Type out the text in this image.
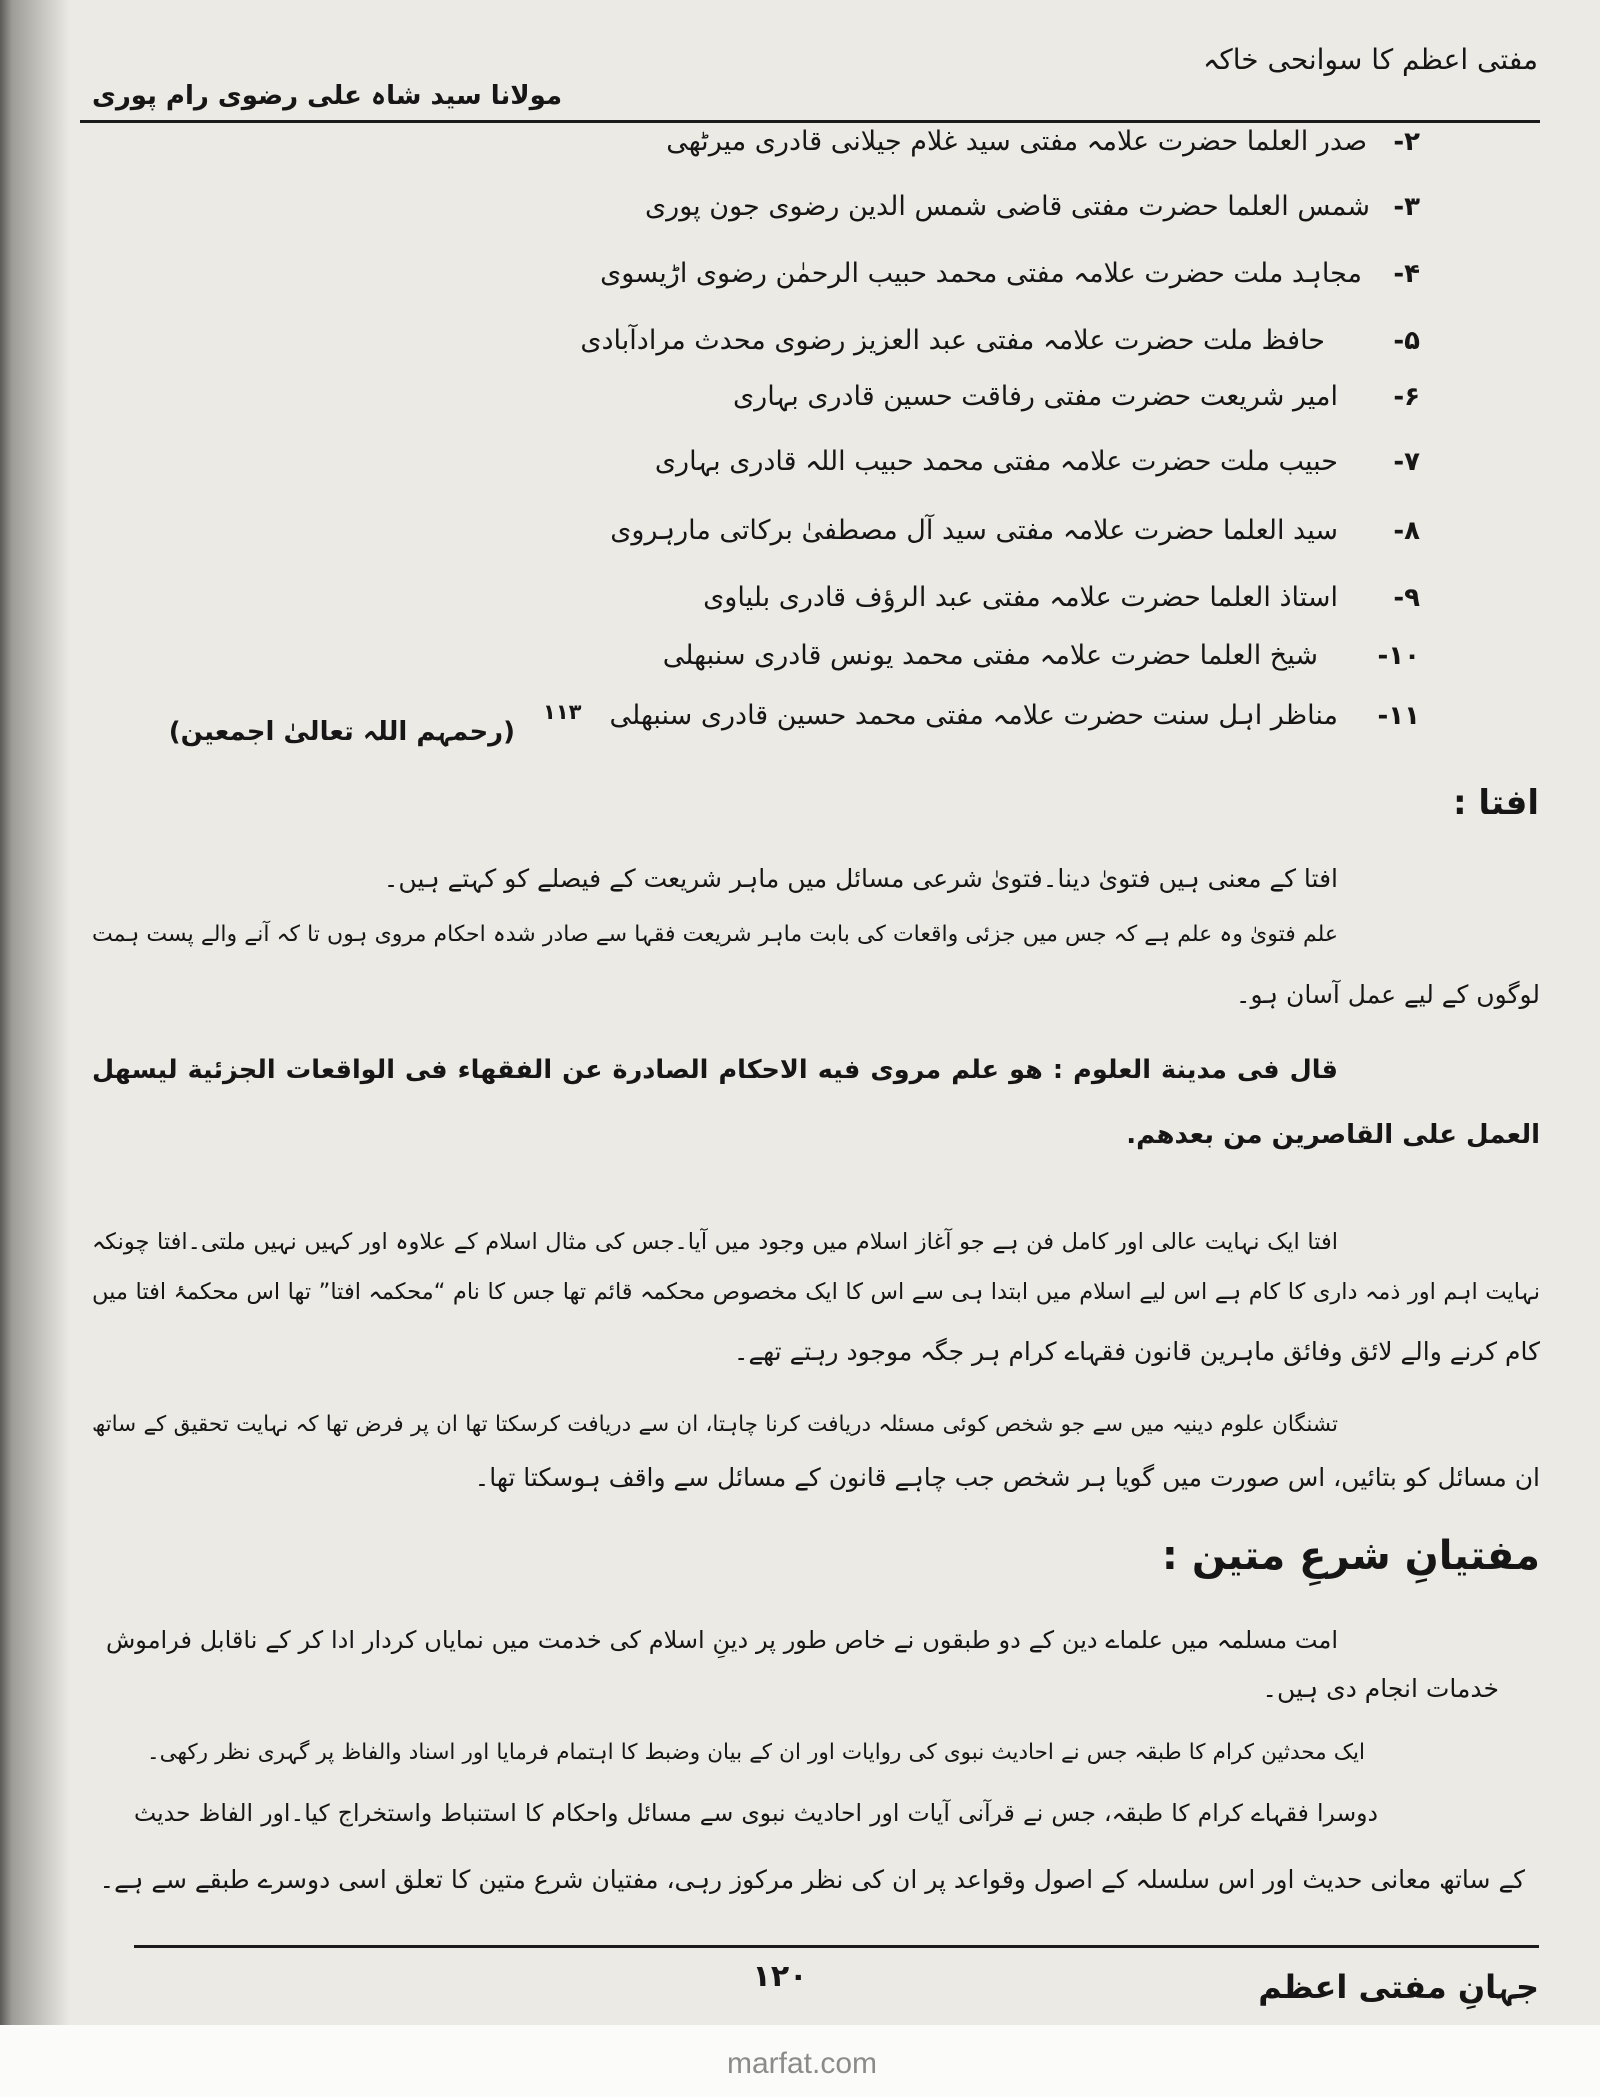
مفتی اعظم کا سوانحی خاکہ
مولانا سید شاہ علی رضوی رام پوری
۲-
صدر العلما حضرت علامہ مفتی سید غلام جیلانی قادری میرٹھی
۳-
شمس العلما حضرت مفتی قاضی شمس الدین رضوی جون پوری
۴-
مجاہد ملت حضرت علامہ مفتی محمد حبیب الرحمٰن رضوی اڑیسوی
۵-
حافظ ملت حضرت علامہ مفتی عبد العزیز رضوی محدث مرادآبادی
۶-
امیر شریعت حضرت مفتی رفاقت حسین قادری بہاری
۷-
حبیب ملت حضرت علامہ مفتی محمد حبیب اللہ قادری بہاری
۸-
سید العلما حضرت علامہ مفتی سید آل مصطفیٰ برکاتی مارہروی
۹-
استاذ العلما حضرت علامہ مفتی عبد الرؤف قادری بلیاوی
۱۰-
شیخ العلما حضرت علامہ مفتی محمد یونس قادری سنبھلی
۱۱-
مناظر اہل سنت حضرت علامہ مفتی محمد حسین قادری سنبھلی
۱۱۳
(رحمہم اللہ تعالیٰ اجمعین)
افتا :
افتا کے معنی ہیں فتویٰ دینا۔فتویٰ شرعی مسائل میں ماہر شریعت کے فیصلے کو کہتے ہیں۔
علم فتویٰ وہ علم ہے کہ جس میں جزئی واقعات کی بابت ماہر شریعت فقہا سے صادر شدہ احکام مروی ہوں تا کہ آنے والے پست ہمت
لوگوں کے لیے عمل آسان ہو۔
قال فى مدينة العلوم : هو علم مروى فيه الاحكام الصادرة عن الفقهاء فى الواقعات الجزئية ليسهل
العمل على القاصرين من بعدهم.
افتا ایک نہایت عالی اور کامل فن ہے جو آغاز اسلام میں وجود میں آیا۔جس کی مثال اسلام کے علاوہ اور کہیں نہیں ملتی۔افتا چونکہ
نہایت اہم اور ذمہ داری کا کام ہے اس لیے اسلام میں ابتدا ہی سے اس کا ایک مخصوص محکمہ قائم تھا جس کا نام “محکمہ افتا” تھا اس محکمۂ افتا میں
کام کرنے والے لائق وفائق ماہرین قانون فقہاے کرام ہر جگہ موجود رہتے تھے۔
تشنگان علوم دینیہ میں سے جو شخص کوئی مسئلہ دریافت کرنا چاہتا، ان سے دریافت کرسکتا تھا ان پر فرض تھا کہ نہایت تحقیق کے ساتھ
ان مسائل کو بتائیں، اس صورت میں گویا ہر شخص جب چاہے قانون کے مسائل سے واقف ہوسکتا تھا۔
مفتیانِ شرعِ متین :
امت مسلمہ میں علماے دین کے دو طبقوں نے خاص طور پر دینِ اسلام کی خدمت میں نمایاں کردار ادا کر کے ناقابل فراموش
خدمات انجام دی ہیں۔
ایک محدثین کرام کا طبقہ جس نے احادیث نبوی کی روایات اور ان کے بیان وضبط کا اہتمام فرمایا اور اسناد والفاظ پر گہری نظر رکھی۔
دوسرا فقہاے کرام کا طبقہ، جس نے قرآنی آیات اور احادیث نبوی سے مسائل واحکام کا استنباط واستخراج کیا۔اور الفاظ حدیث
کے ساتھ معانی حدیث اور اس سلسلہ کے اصول وقواعد پر ان کی نظر مرکوز رہی، مفتیان شرع متین کا تعلق اسی دوسرے طبقے سے ہے۔
جہانِ مفتی اعظم
۱۲۰
marfat.com
